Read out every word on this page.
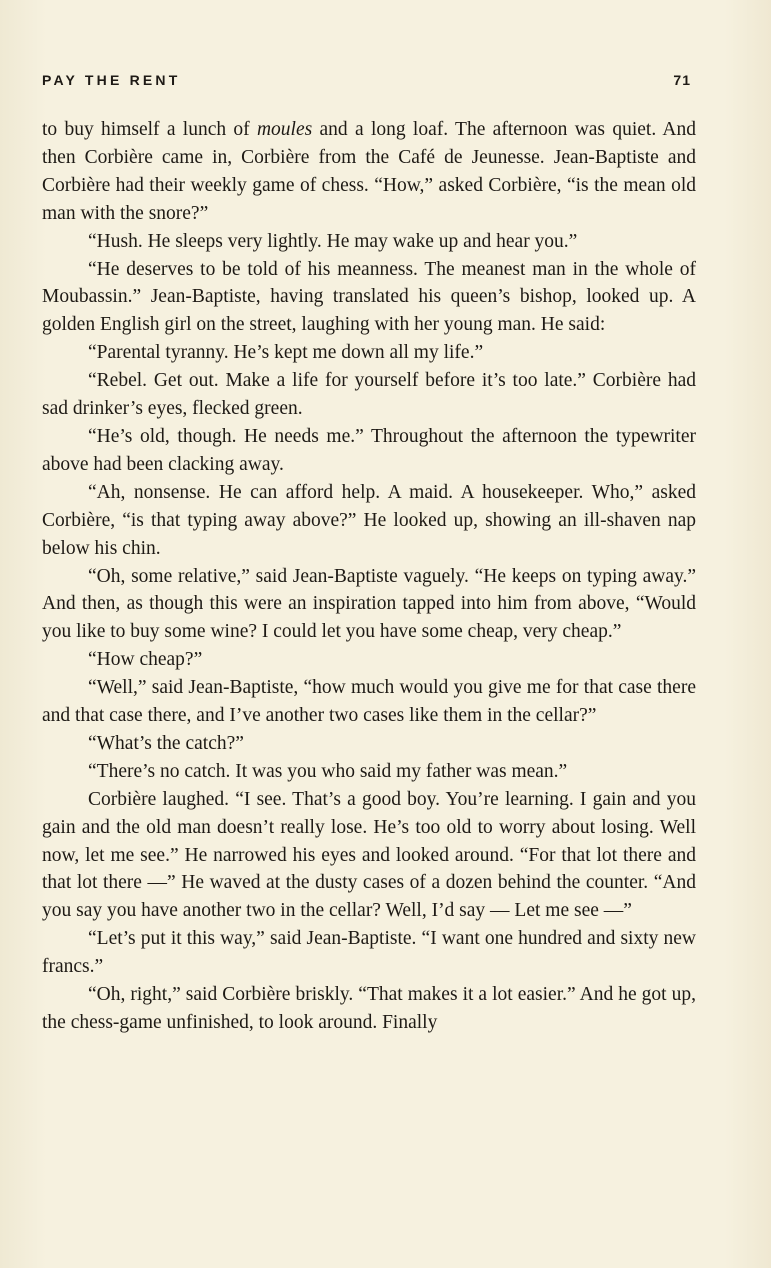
PAY THE RENT	71

to buy himself a lunch of moules and a long loaf. The afternoon was quiet. And then Corbière came in, Corbière from the Café de Jeunesse. Jean-Baptiste and Corbière had their weekly game of chess. “How,” asked Corbière, “is the mean old man with the snore?”

“Hush. He sleeps very lightly. He may wake up and hear you.”

“He deserves to be told of his meanness. The meanest man in the whole of Moubassin.” Jean-Baptiste, having translated his queen’s bishop, looked up. A golden English girl on the street, laughing with her young man. He said:

“Parental tyranny. He’s kept me down all my life.”

“Rebel. Get out. Make a life for yourself before it’s too late.” Corbière had sad drinker’s eyes, flecked green.

“He’s old, though. He needs me.” Throughout the afternoon the typewriter above had been clacking away.

“Ah, nonsense. He can afford help. A maid. A housekeeper. Who,” asked Corbière, “is that typing away above?” He looked up, showing an ill-shaven nap below his chin.

“Oh, some relative,” said Jean-Baptiste vaguely. “He keeps on typing away.” And then, as though this were an inspiration tapped into him from above, “Would you like to buy some wine? I could let you have some cheap, very cheap.”

“How cheap?”

“Well,” said Jean-Baptiste, “how much would you give me for that case there and that case there, and I’ve another two cases like them in the cellar?”

“What’s the catch?”

“There’s no catch. It was you who said my father was mean.”

Corbière laughed. “I see. That’s a good boy. You’re learning. I gain and you gain and the old man doesn’t really lose. He’s too old to worry about losing. Well now, let me see.” He narrowed his eyes and looked around. “For that lot there and that lot there —” He waved at the dusty cases of a dozen behind the counter. “And you say you have another two in the cellar? Well, I’d say — Let me see —”

“Let’s put it this way,” said Jean-Baptiste. “I want one hundred and sixty new francs.”

“Oh, right,” said Corbière briskly. “That makes it a lot easier.” And he got up, the chess-game unfinished, to look around. Finally
